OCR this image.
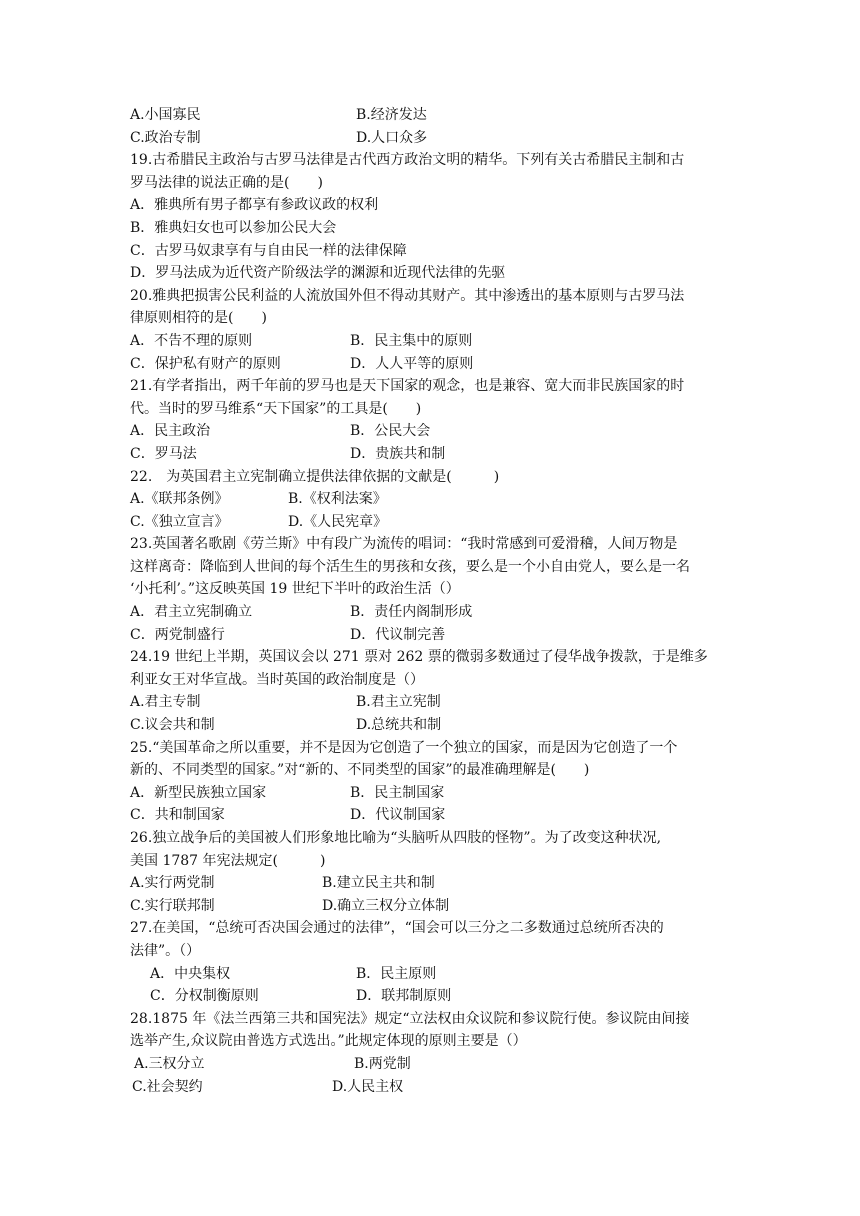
A.小国寡民	B.经济发达
C.政治专制	D.人口众多
19.古希腊民主政治与古罗马法律是古代西方政治文明的精华。下列有关古希腊民主制和古
罗马法律的说法正确的是(　　)
A．雅典所有男子都享有参政议政的权利
B．雅典妇女也可以参加公民大会
C．古罗马奴隶享有与自由民一样的法律保障
D．罗马法成为近代资产阶级法学的渊源和近现代法律的先驱
20.雅典把损害公民利益的人流放国外但不得动其财产。其中渗透出的基本原则与古罗马法
律原则相符的是(　　)
A．不告不理的原则	B．民主集中的原则
C．保护私有财产的原则	D．人人平等的原则
21.有学者指出，两千年前的罗马也是天下国家的观念，也是兼容、宽大而非民族国家的时
代。当时的罗马维系“天下国家”的工具是(　　)
A．民主政治	B．公民大会
C．罗马法	D．贵族共和制
22.　为英国君主立宪制确立提供法律依据的文献是(　　　)
A.《联邦条例》	B.《权利法案》
C.《独立宣言》	D.《人民宪章》
23.英国著名歌剧《劳兰斯》中有段广为流传的唱词：“我时常感到可爱滑稽，人间万物是
这样离奇：降临到人世间的每个活生生的男孩和女孩，要么是一个小自由党人，要么是一名
‘小托利’。”这反映英国 19 世纪下半叶的政治生活（）
A．君主立宪制确立	B．责任内阁制形成
C．两党制盛行	D．代议制完善
24.19 世纪上半期，英国议会以 271 票对 262 票的微弱多数通过了侵华战争拨款，于是维多
利亚女王对华宣战。当时英国的政治制度是（）
A.君主专制	B.君主立宪制
C.议会共和制	D.总统共和制
25.“美国革命之所以重要，并不是因为它创造了一个独立的国家，而是因为它创造了一个
新的、不同类型的国家。”对“新的、不同类型的国家”的最准确理解是(　　)
A．新型民族独立国家	B．民主制国家
C．共和制国家	D．代议制国家
26.独立战争后的美国被人们形象地比喻为“头脑听从四肢的怪物”。为了改变这种状况,
美国 1787 年宪法规定(　　　)
A.实行两党制	B.建立民主共和制
C.实行联邦制	D.确立三权分立体制
27.在美国，“总统可否决国会通过的法律”，“国会可以三分之二多数通过总统所否决的
法律”。（）
A．中央集权	B．民主原则
C．分权制衡原则	D．联邦制原则
28.1875 年《法兰西第三共和国宪法》规定“立法权由众议院和参议院行使。参议院由间接
选举产生,众议院由普选方式选出。”此规定体现的原则主要是（）
A.三权分立	B.两党制
C.社会契约	D.人民主权
